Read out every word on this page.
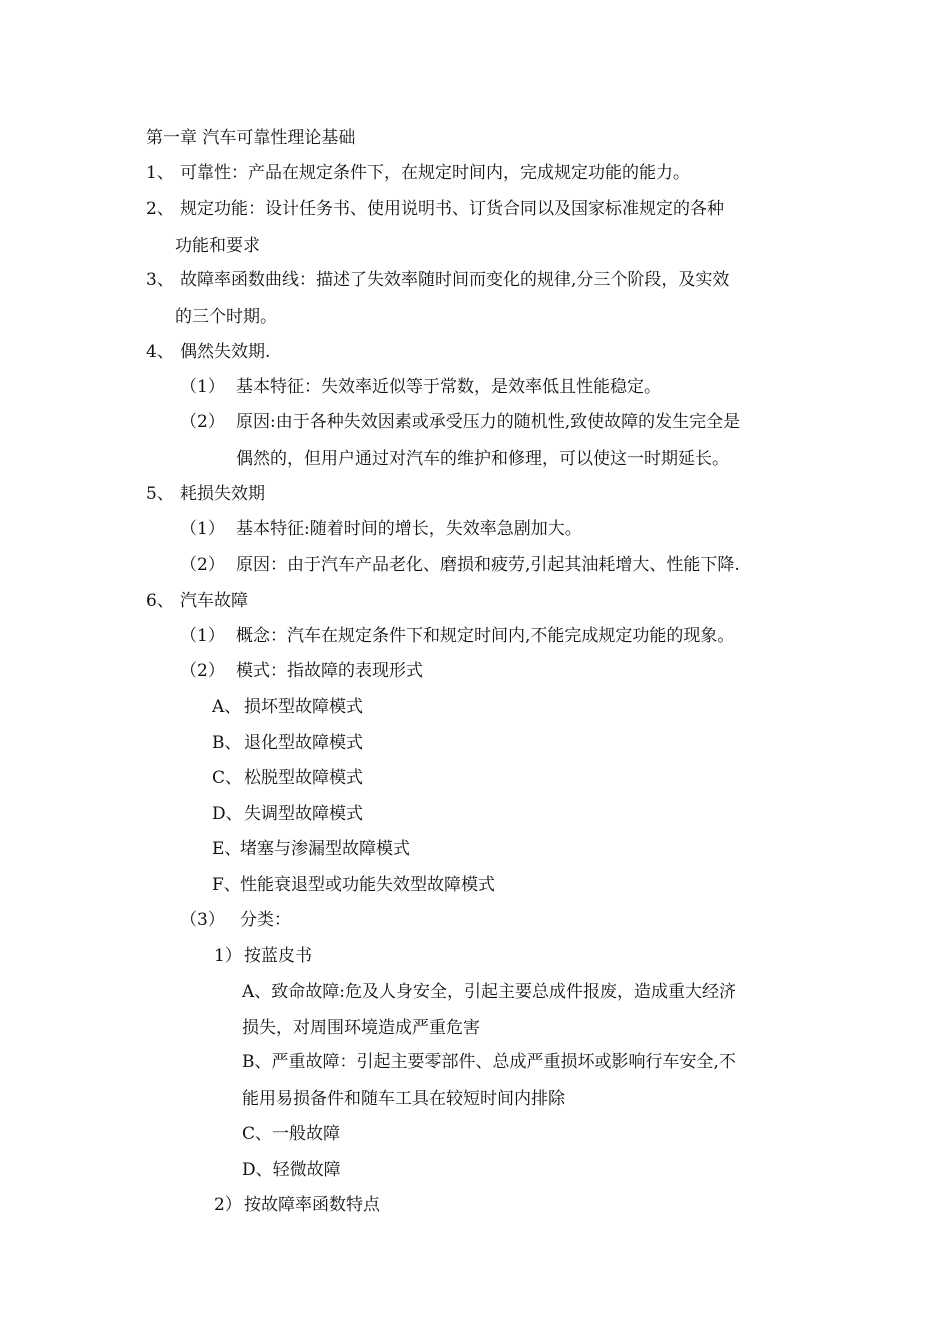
第一章 汽车可靠性理论基础
1、 可靠性：产品在规定条件下，在规定时间内，完成规定功能的能力。
2、 规定功能：设计任务书、使用说明书、订货合同以及国家标准规定的各种
功能和要求
3、 故障率函数曲线：描述了失效率随时间而变化的规律,分三个阶段，及实效
的三个时期。
4、 偶然失效期.
（1） 基本特征：失效率近似等于常数，是效率低且性能稳定。
（2） 原因:由于各种失效因素或承受压力的随机性,致使故障的发生完全是
偶然的，但用户通过对汽车的维护和修理，可以使这一时期延长。
5、 耗损失效期
（1） 基本特征:随着时间的增长，失效率急剧加大。
（2） 原因：由于汽车产品老化、磨损和疲劳,引起其油耗增大、性能下降.
6、 汽车故障
（1） 概念：汽车在规定条件下和规定时间内,不能完成规定功能的现象。
（2） 模式：指故障的表现形式
A、 损坏型故障模式
B、 退化型故障模式
C、 松脱型故障模式
D、失调型故障模式
E、堵塞与渗漏型故障模式
F、性能衰退型或功能失效型故障模式
（3） 分类：
1） 按蓝皮书
A、致命故障:危及人身安全，引起主要总成件报废，造成重大经济
损失，对周围环境造成严重危害
B、严重故障：引起主要零部件、总成严重损坏或影响行车安全,不
能用易损备件和随车工具在较短时间内排除
C、一般故障
D、轻微故障
2） 按故障率函数特点
